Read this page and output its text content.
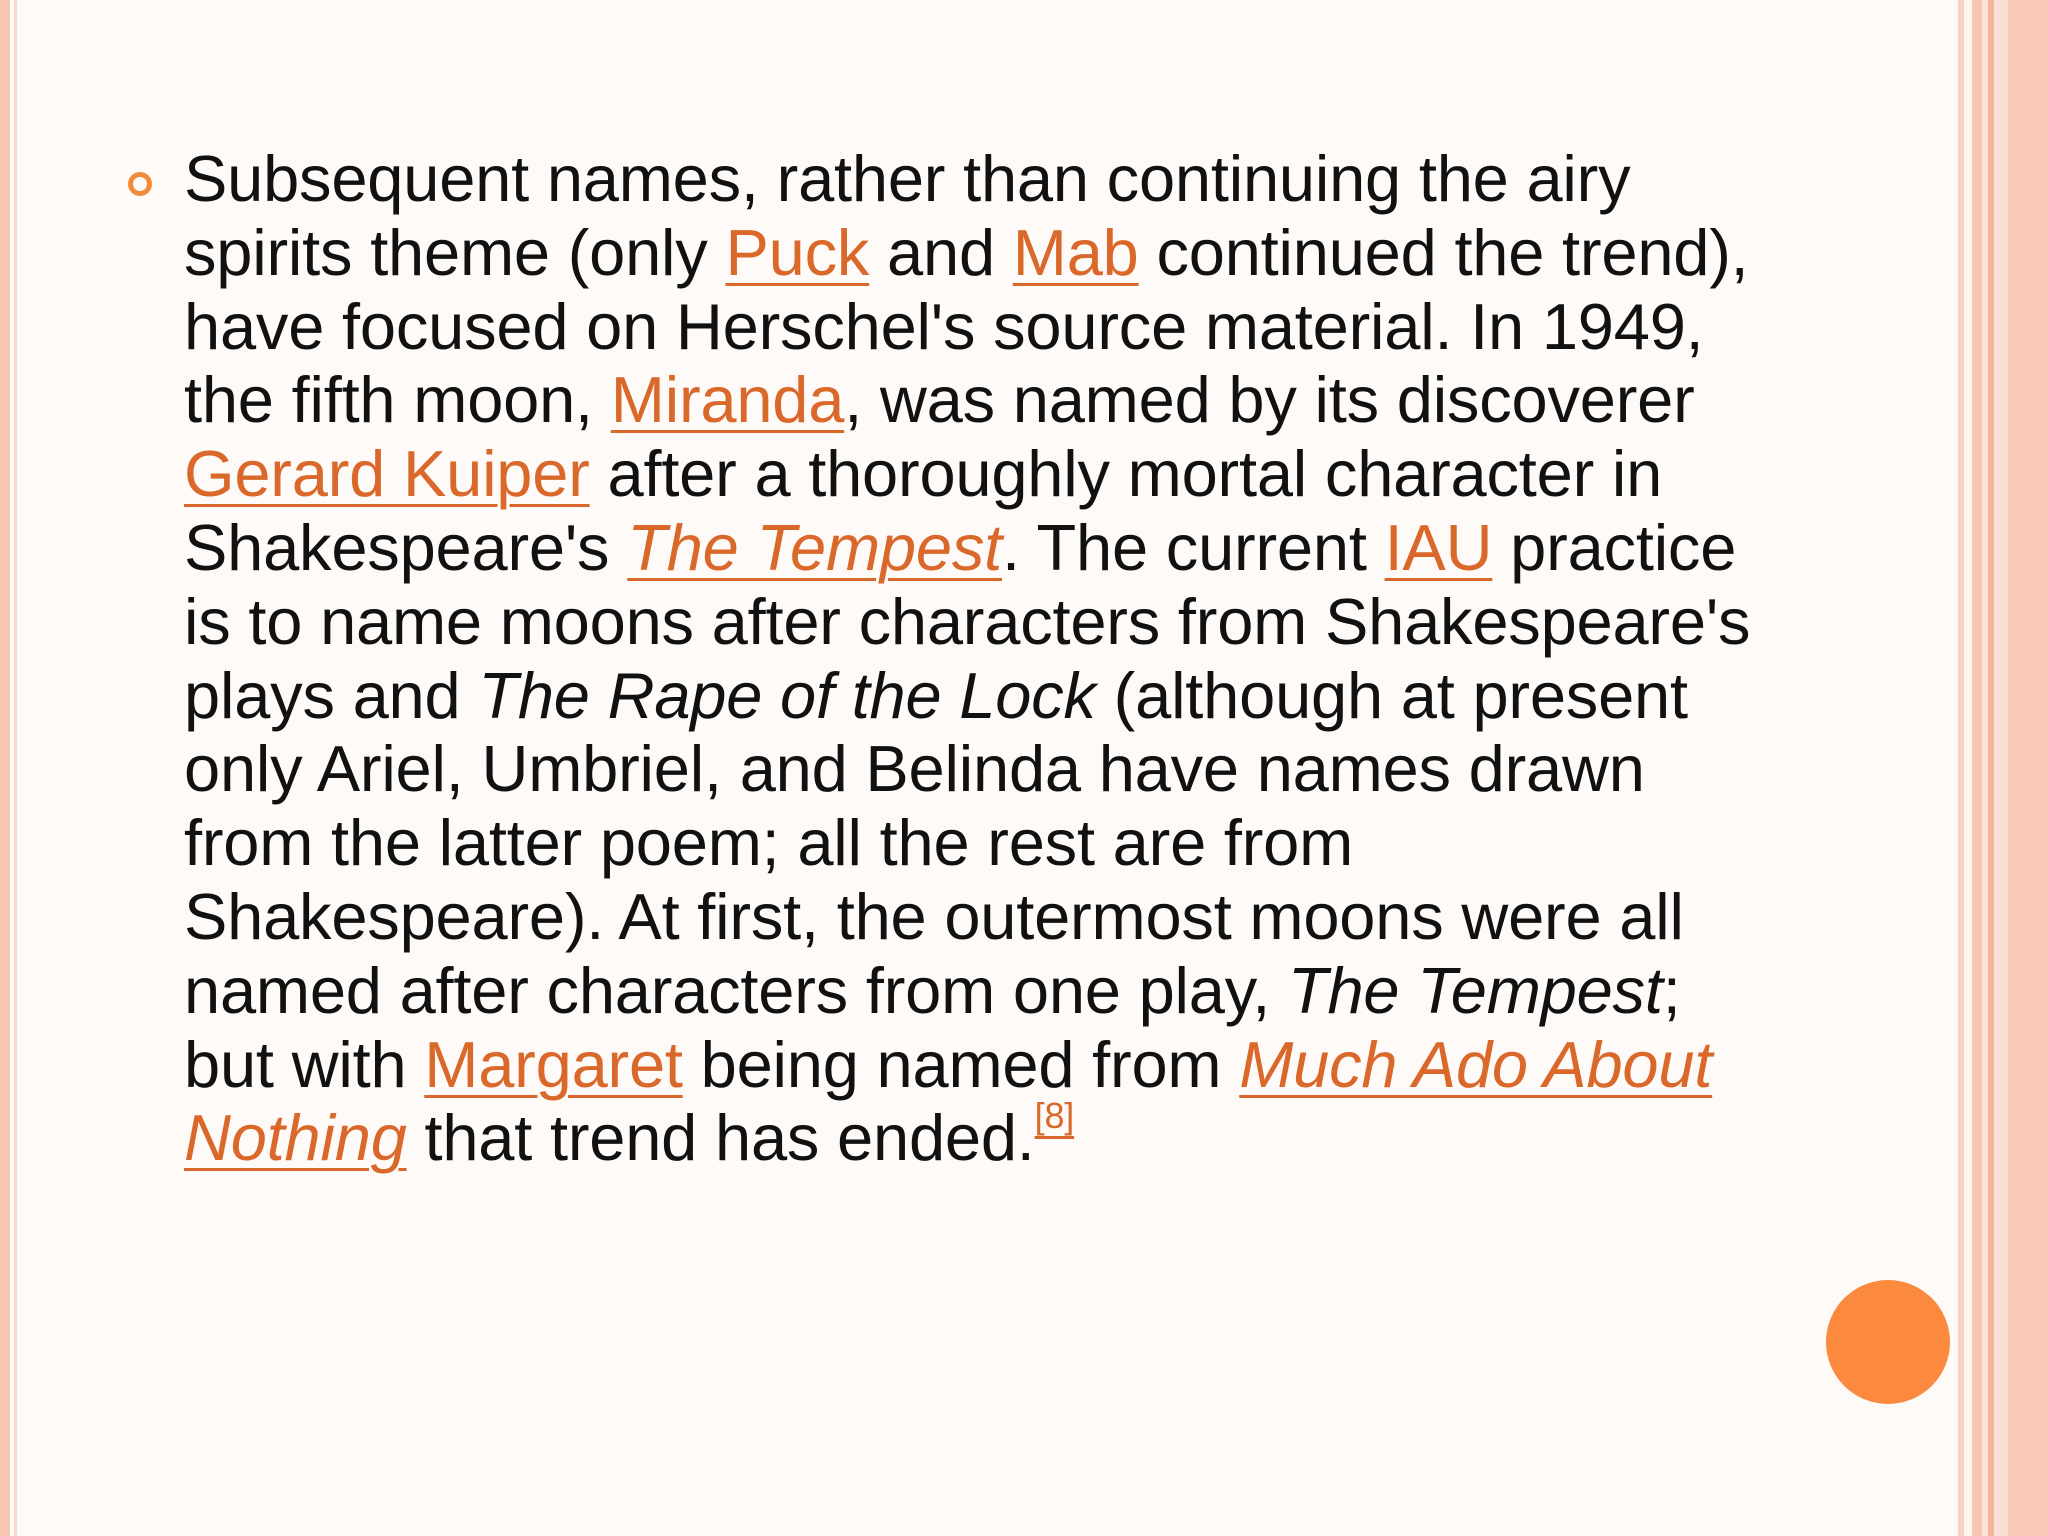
Subsequent names, rather than continuing the airy spirits theme (only Puck and Mab continued the trend), have focused on Herschel's source material. In 1949, the fifth moon, Miranda, was named by its discoverer Gerard Kuiper after a thoroughly mortal character in Shakespeare's The Tempest. The current IAU practice is to name moons after characters from Shakespeare's plays and The Rape of the Lock (although at present only Ariel, Umbriel, and Belinda have names drawn from the latter poem; all the rest are from Shakespeare). At first, the outermost moons were all named after characters from one play, The Tempest; but with Margaret being named from Much Ado About Nothing that trend has ended.[8]
